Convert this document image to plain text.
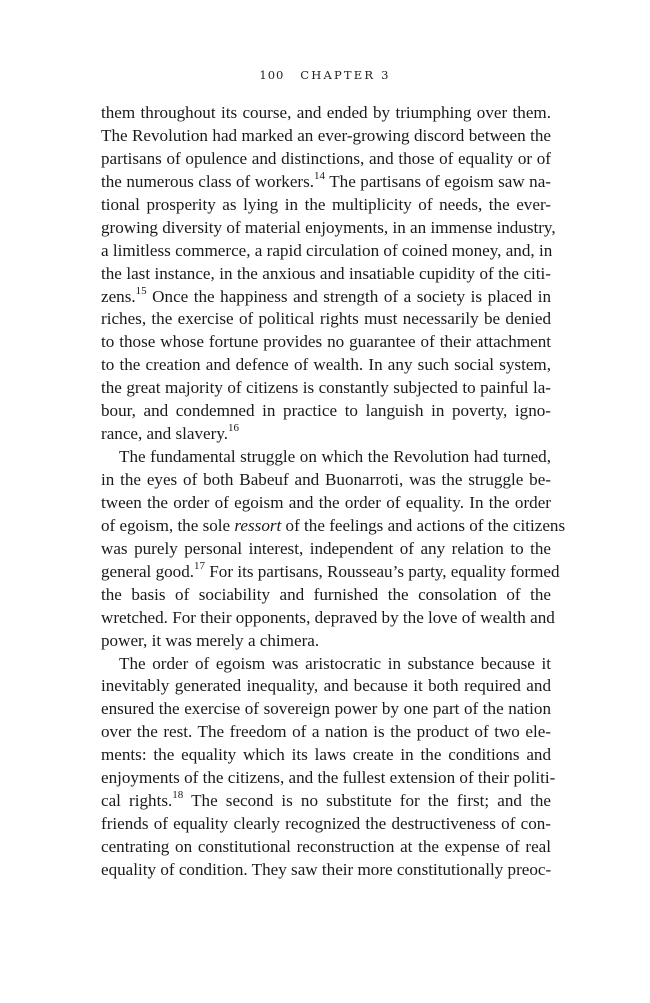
100 CHAPTER 3
them throughout its course, and ended by triumphing over them.
The Revolution had marked an ever-growing discord between the
partisans of opulence and distinctions, and those of equality or of
the numerous class of workers.$^{14}$ The partisans of egoism saw na-
tional prosperity as lying in the multiplicity of needs, the ever-
growing diversity of material enjoyments, in an immense industry,
a limitless commerce, a rapid circulation of coined money, and, in
the last instance, in the anxious and insatiable cupidity of the citi-
zens.$^{15}$ Once the happiness and strength of a society is placed in
riches, the exercise of political rights must necessarily be denied
to those whose fortune provides no guarantee of their attachment
to the creation and defence of wealth. In any such social system,
the great majority of citizens is constantly subjected to painful la-
bour, and condemned in practice to languish in poverty, igno-
rance, and slavery.$^{16}$
The fundamental struggle on which the Revolution had turned,
in the eyes of both Babeuf and Buonarroti, was the struggle be-
tween the order of egoism and the order of equality. In the order
of egoism, the sole ressort of the feelings and actions of the citizens
was purely personal interest, independent of any relation to the
general good.$^{17}$ For its partisans, Rousseau’s party, equality formed
the basis of sociability and furnished the consolation of the
wretched. For their opponents, depraved by the love of wealth and
power, it was merely a chimera.
The order of egoism was aristocratic in substance because it
inevitably generated inequality, and because it both required and
ensured the exercise of sovereign power by one part of the nation
over the rest. The freedom of a nation is the product of two ele-
ments: the equality which its laws create in the conditions and
enjoyments of the citizens, and the fullest extension of their politi-
cal rights.$^{18}$ The second is no substitute for the first; and the
friends of equality clearly recognized the destructiveness of con-
centrating on constitutional reconstruction at the expense of real
equality of condition. They saw their more constitutionally preoc-
